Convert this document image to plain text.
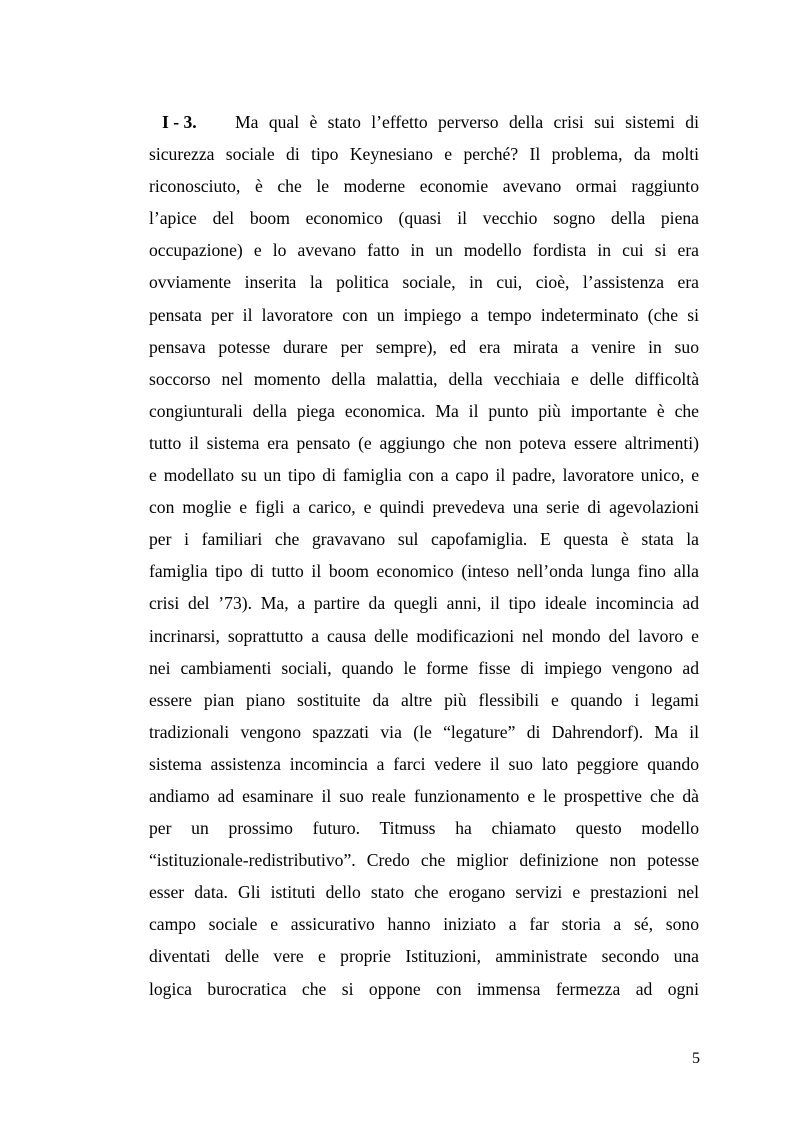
I - 3. Ma qual è stato l’effetto perverso della crisi sui sistemi di
sicurezza sociale di tipo Keynesiano e perché? Il problema, da molti
riconosciuto, è che le moderne economie avevano ormai raggiunto
l’apice del boom economico (quasi il vecchio sogno della piena
occupazione) e lo avevano fatto in un modello fordista in cui si era
ovviamente inserita la politica sociale, in cui, cioè, l’assistenza era
pensata per il lavoratore con un impiego a tempo indeterminato (che si
pensava potesse durare per sempre), ed era mirata a venire in suo
soccorso nel momento della malattia, della vecchiaia e delle difficoltà
congiunturali della piega economica. Ma il punto più importante è che
tutto il sistema era pensato (e aggiungo che non poteva essere altrimenti)
e modellato su un tipo di famiglia con a capo il padre, lavoratore unico, e
con moglie e figli a carico, e quindi prevedeva una serie di agevolazioni
per i familiari che gravavano sul capofamiglia. E questa è stata la
famiglia tipo di tutto il boom economico (inteso nell’onda lunga fino alla
crisi del ’73). Ma, a partire da quegli anni, il tipo ideale incomincia ad
incrinarsi, soprattutto a causa delle modificazioni nel mondo del lavoro e
nei cambiamenti sociali, quando le forme fisse di impiego vengono ad
essere pian piano sostituite da altre più flessibili e quando i legami
tradizionali vengono spazzati via (le “legature” di Dahrendorf). Ma il
sistema assistenza incomincia a farci vedere il suo lato peggiore quando
andiamo ad esaminare il suo reale funzionamento e le prospettive che dà
per un prossimo futuro. Titmuss ha chiamato questo modello
“istituzionale-redistributivo”. Credo che miglior definizione non potesse
esser data. Gli istituti dello stato che erogano servizi e prestazioni nel
campo sociale e assicurativo hanno iniziato a far storia a sé, sono
diventati delle vere e proprie Istituzioni, amministrate secondo una
logica burocratica che si oppone con immensa fermezza ad ogni
5
